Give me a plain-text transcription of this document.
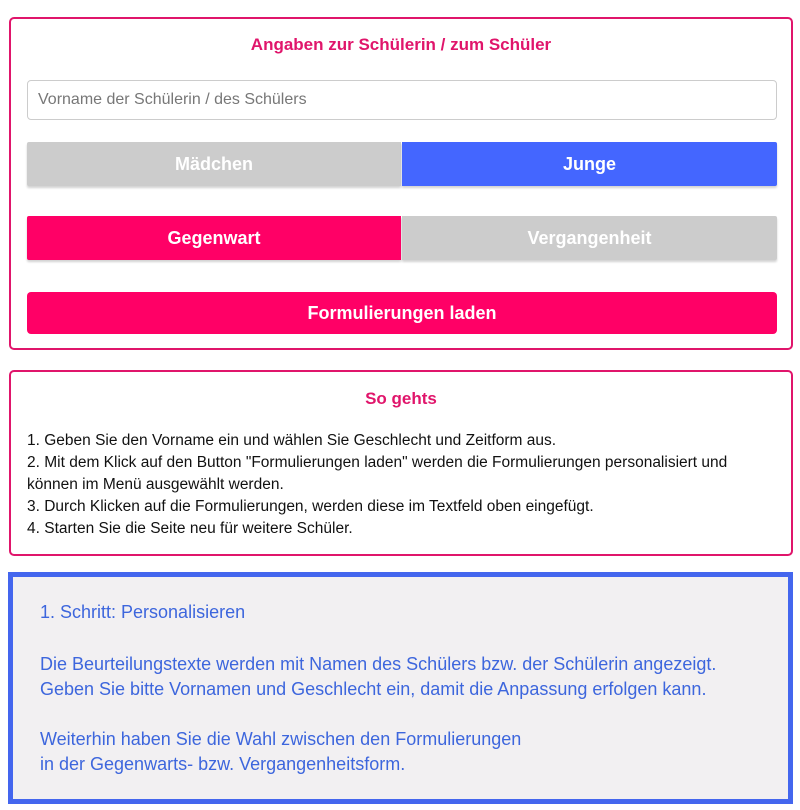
Angaben zur Schülerin / zum Schüler
Vorname der Schülerin / des Schülers
Mädchen	Junge
Gegenwart	Vergangenheit
Formulierungen laden
So gehts
1. Geben Sie den Vorname ein und wählen Sie Geschlecht und Zeitform aus.
2. Mit dem Klick auf den Button "Formulierungen laden" werden die Formulierungen personalisiert und können im Menü ausgewählt werden.
3. Durch Klicken auf die Formulierungen, werden diese im Textfeld oben eingefügt.
4. Starten Sie die Seite neu für weitere Schüler.
1. Schritt: Personalisieren
Die Beurteilungstexte werden mit Namen des Schülers bzw. der Schülerin angezeigt.
Geben Sie bitte Vornamen und Geschlecht ein, damit die Anpassung erfolgen kann.
Weiterhin haben Sie die Wahl zwischen den Formulierungen
in der Gegenwarts- bzw. Vergangenheitsform.
